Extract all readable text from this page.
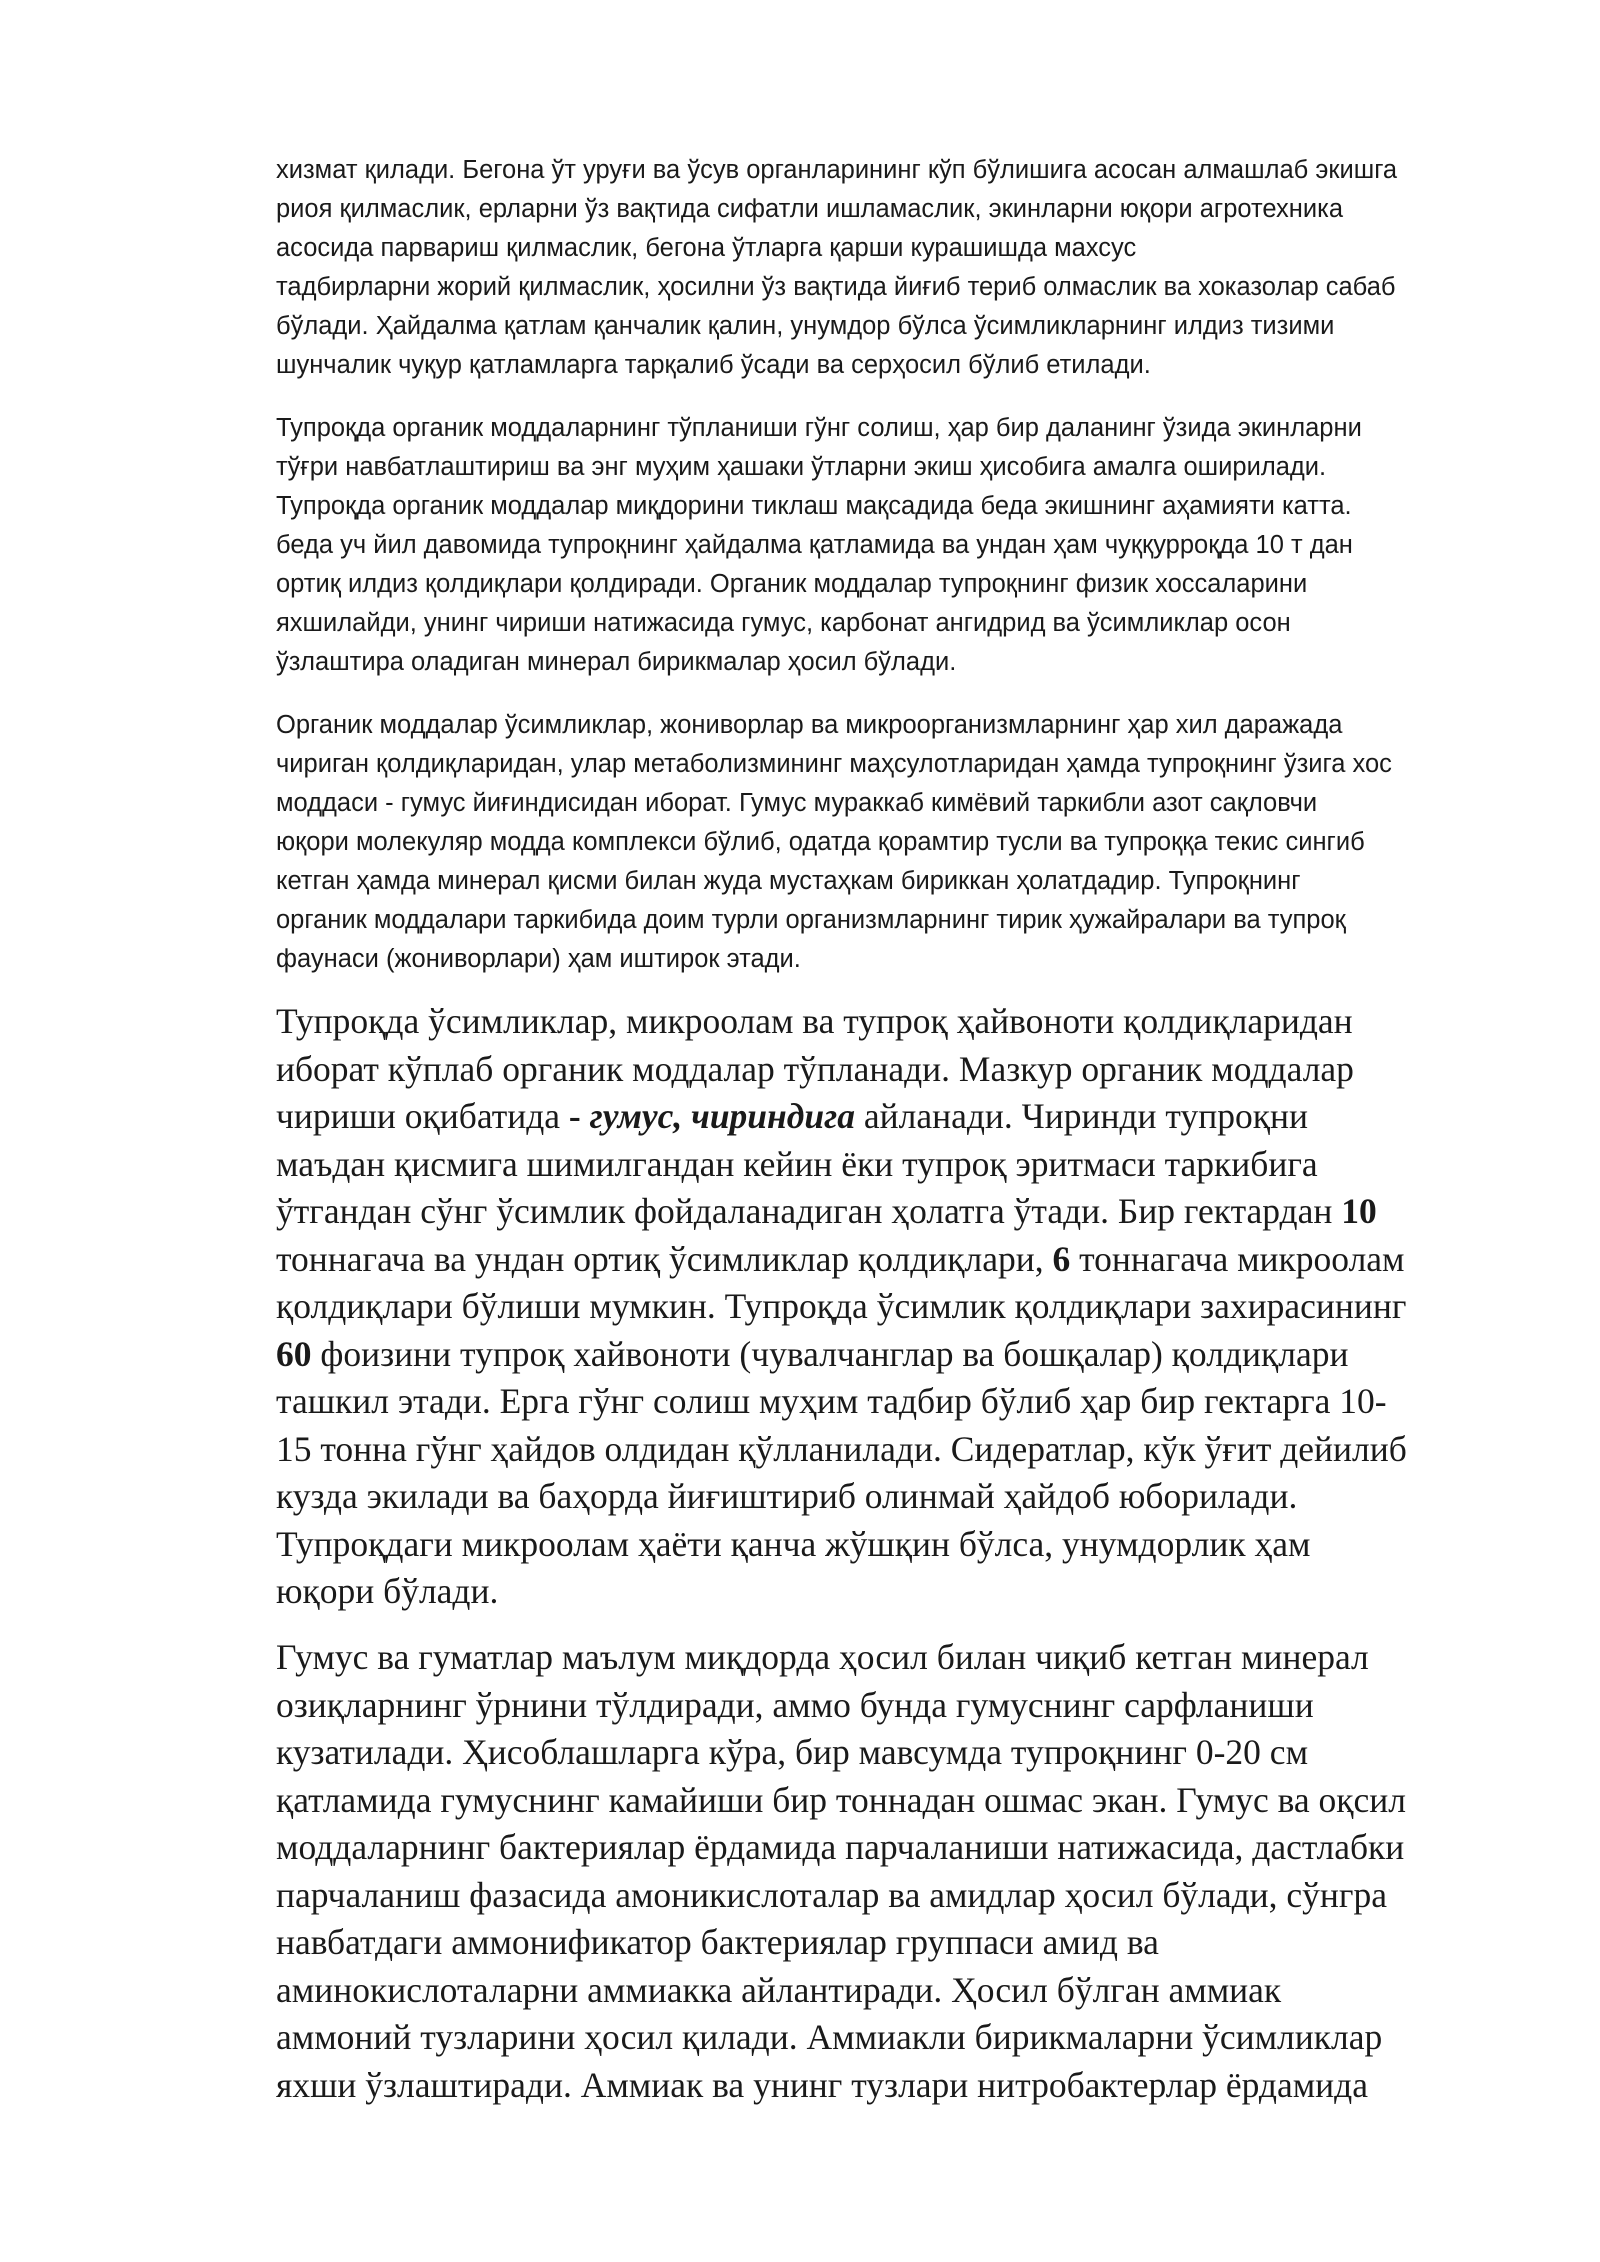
хизмат қилади. Бегона ўт уруғи ва ўсув органларининг кўп бўлишига асосан алмашлаб экишга
риоя қилмаслик, ерларни ўз вақтида сифатли ишламаслик, экинларни юқори агротехника
асосида парвариш қилмаслик, бегона ўтларга қарши курашишда махсус
тадбирларни жорий қилмаслик, ҳосилни ўз вақтида йиғиб териб олмаслик ва хоказолар сабаб
бўлади. Ҳайдалма қатлам қанчалик қалин, унумдор бўлса ўсимликларнинг илдиз тизими
шунчалик чуқур қатламларга тарқалиб ўсади ва серҳосил бўлиб етилади.
Тупроқда органик моддаларнинг тўпланиши гўнг солиш, ҳар бир даланинг ўзида экинларни
тўғри навбатлаштириш ва энг муҳим ҳашаки ўтларни экиш ҳисобига амалга оширилади.
Тупроқда органик моддалар миқдорини тиклаш мақсадида беда экишнинг аҳамияти катта.
беда уч йил давомида тупроқнинг ҳайдалма қатламида ва ундан ҳам чуққурроқда 10 т дан
ортиқ илдиз қолдиқлари қолдиради. Органик моддалар тупроқнинг физик хоссаларини
яхшилайди, унинг чириши натижасида гумус, карбонат ангидрид ва ўсимликлар осон
ўзлаштира оладиган минерал бирикмалар ҳосил бўлади.
Органик моддалар ўсимликлар, жониворлар ва микроорганизмларнинг ҳар хил даражада
чириган қолдиқларидан, улар метаболизмининг маҳсулотларидан ҳамда тупроқнинг ўзига хос
моддаси - гумус йиғиндисидан иборат. Гумус мураккаб кимёвий таркибли азот сақловчи
юқори молекуляр модда комплекси бўлиб, одатда қорамтир тусли ва тупроққа текис сингиб
кетган ҳамда минерал қисми билан жуда мустаҳкам бириккан ҳолатдадир. Тупроқнинг
органик моддалари таркибида доим турли организмларнинг тирик ҳужайралари ва тупроқ
фаунаси (жониворлари) ҳам иштирок этади.
Тупроқда ўсимликлар, микроолам ва тупроқ ҳайвоноти қолдиқларидан
иборат кўплаб органик моддалар тўпланади. Мазкур органик моддалар
чириши оқибатида - гумус, чириндига айланади. Чиринди тупроқни
маъдан қисмига шимилгандан кейин ёки тупроқ эритмаси таркибига
ўтгандан сўнг ўсимлик фойдаланадиган ҳолатга ўтади. Бир гектардан 10
тоннагача ва ундан ортиқ ўсимликлар қолдиқлари, 6 тоннагача микроолам
қолдиқлари бўлиши мумкин. Тупроқда ўсимлик қолдиқлари захирасининг
60 фоизини тупроқ хайвоноти (чувалчанглар ва бошқалар) қолдиқлари
ташкил этади. Ерга гўнг солиш муҳим тадбир бўлиб ҳар бир гектарга 10-
15 тонна гўнг ҳайдов олдидан қўлланилади. Сидератлар, кўк ўғит дейилиб
кузда экилади ва баҳорда йиғиштириб олинмай ҳайдоб юборилади.
Тупроқдаги микроолам ҳаёти қанча жўшқин бўлса, унумдорлик ҳам
юқори бўлади.
Гумус ва гуматлар маълум миқдорда ҳосил билан чиқиб кетган минерал
озиқларнинг ўрнини тўлдиради, аммо бунда гумуснинг сарфланиши
кузатилади. Ҳисоблашларга кўра, бир мавсумда тупроқнинг 0-20 см
қатламида гумуснинг камайиши бир тоннадан ошмас экан. Гумус ва оқсил
моддаларнинг бактериялар ёрдамида парчаланиши натижасида, дастлабки
парчаланиш фазасида амоникислоталар ва амидлар ҳосил бўлади, сўнгра
навбатдаги аммонификатор бактериялар группаси амид ва
аминокислоталарни аммиакка айлантиради. Ҳосил бўлган аммиак
аммоний тузларини ҳосил қилади. Аммиакли бирикмаларни ўсимликлар
яхши ўзлаштиради. Аммиак ва унинг тузлари нитробактерлар ёрдамида
